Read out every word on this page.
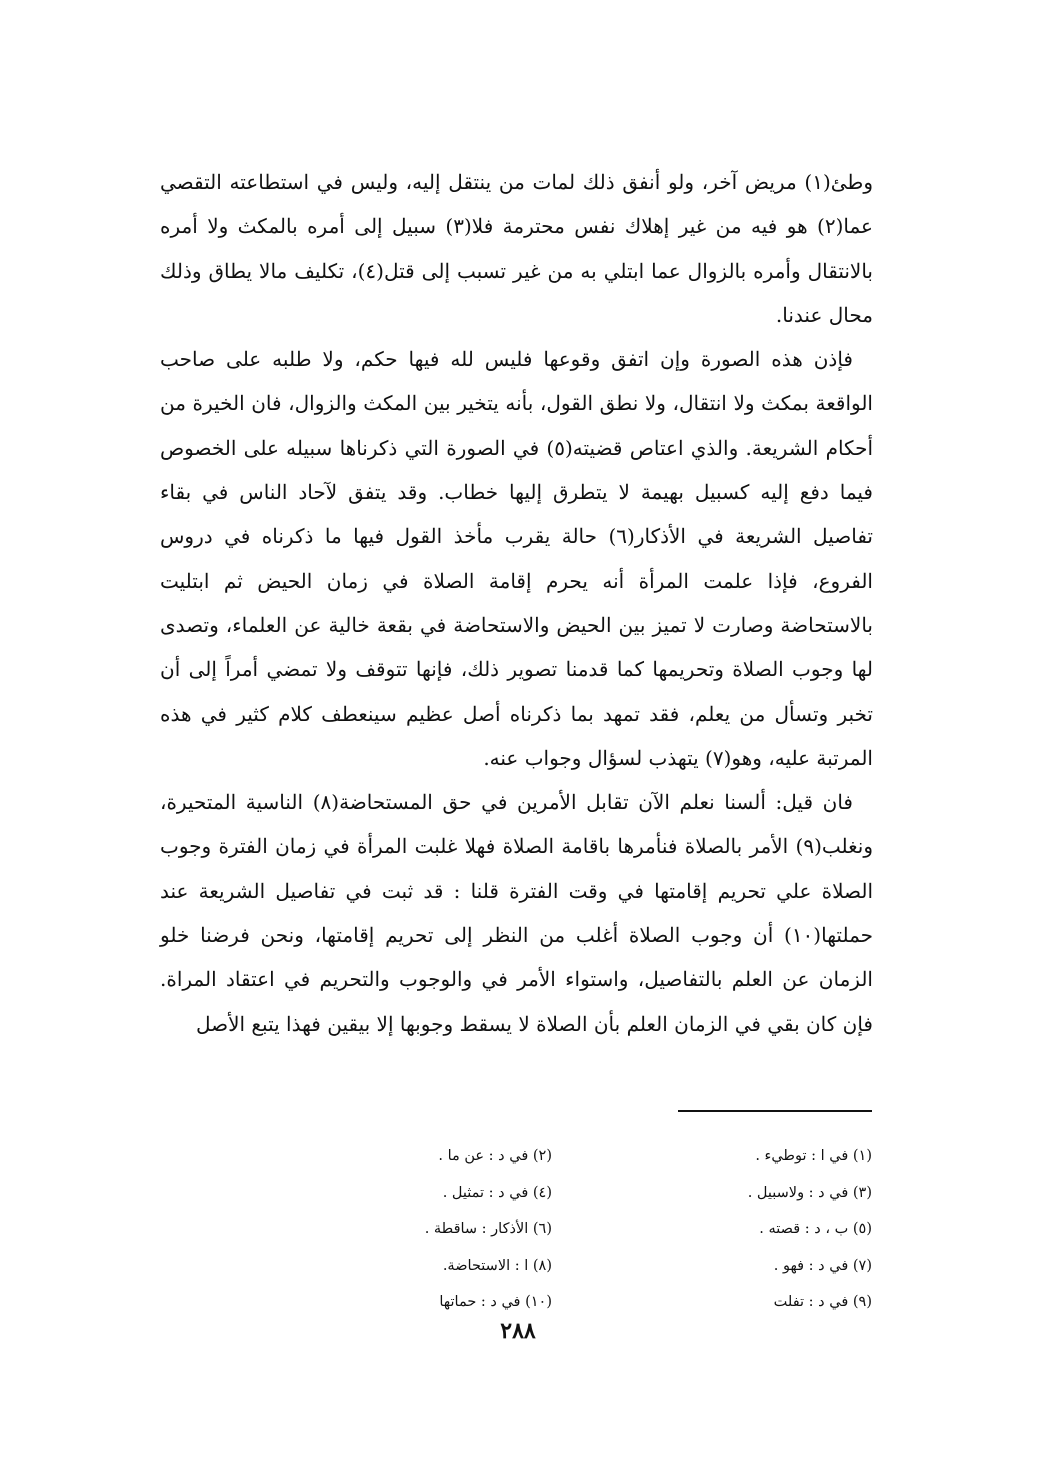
وطئ(١) مريض آخر، ولو أنفق ذلك لمات من ينتقل إليه، وليس في استطاعته التقصي عما(٢) هو فيه من غير إهلاك نفس محترمة فلا(٣) سبيل إلى أمره بالمكث ولا أمره بالانتقال وأمره بالزوال عما ابتلي به من غير تسبب إلى قتل(٤)، تكليف مالا يطاق وذلك محال عندنا.

فإذن هذه الصورة وإن اتفق وقوعها فليس لله فيها حكم، ولا طلبه على صاحب الواقعة بمكث ولا انتقال، ولا نطق القول، بأنه يتخير بين المكث والزوال، فان الخيرة من أحكام الشريعة. والذي اعتاص قضيته(٥) في الصورة التي ذكرناها سبيله على الخصوص فيما دفع إليه كسبيل بهيمة لا يتطرق إليها خطاب. وقد يتفق لآحاد الناس في بقاء تفاصيل الشريعة في الأذكار(٦) حالة يقرب مأخذ القول فيها ما ذكرناه في دروس الفروع، فإذا علمت المرأة أنه يحرم إقامة الصلاة في زمان الحيض ثم ابتليت بالاستحاضة وصارت لا تميز بين الحيض والاستحاضة في بقعة خالية عن العلماء، وتصدى لها وجوب الصلاة وتحريمها كما قدمنا تصوير ذلك، فإنها تتوقف ولا تمضي أمراً إلى أن تخبر وتسأل من يعلم، فقد تمهد بما ذكرناه أصل عظيم سينعطف كلام كثير في هذه المرتبة عليه، وهو(٧) يتهذب لسؤال وجواب عنه.

فان قيل: ألسنا نعلم الآن تقابل الأمرين في حق المستحاضة(٨) الناسية المتحيرة، ونغلب(٩) الأمر بالصلاة فنأمرها باقامة الصلاة فهلا غلبت المرأة في زمان الفترة وجوب الصلاة علي تحريم إقامتها في وقت الفترة قلنا : قد ثبت في تفاصيل الشريعة عند حملتها(١٠) أن وجوب الصلاة أغلب من النظر إلى تحريم إقامتها، ونحن فرضنا خلو الزمان عن العلم بالتفاصيل، واستواء الأمر في والوجوب والتحريم في اعتقاد المراة. فإن كان بقي في الزمان العلم بأن الصلاة لا يسقط وجوبها إلا بيقين فهذا يتبع الأصل

(١) في ا : توطيء .
(٣) في د : ولاسبيل .
(٥) ب ، د : قصته .
(٧) في د : فهو .
(٩) في د : تفلت
(٢) في د : عن ما .
(٤) في د : تمثيل .
(٦) الأذكار : ساقطة .
(٨) ا : الاستحاضة.
(١٠) في د : حماتها
٢٨٨
